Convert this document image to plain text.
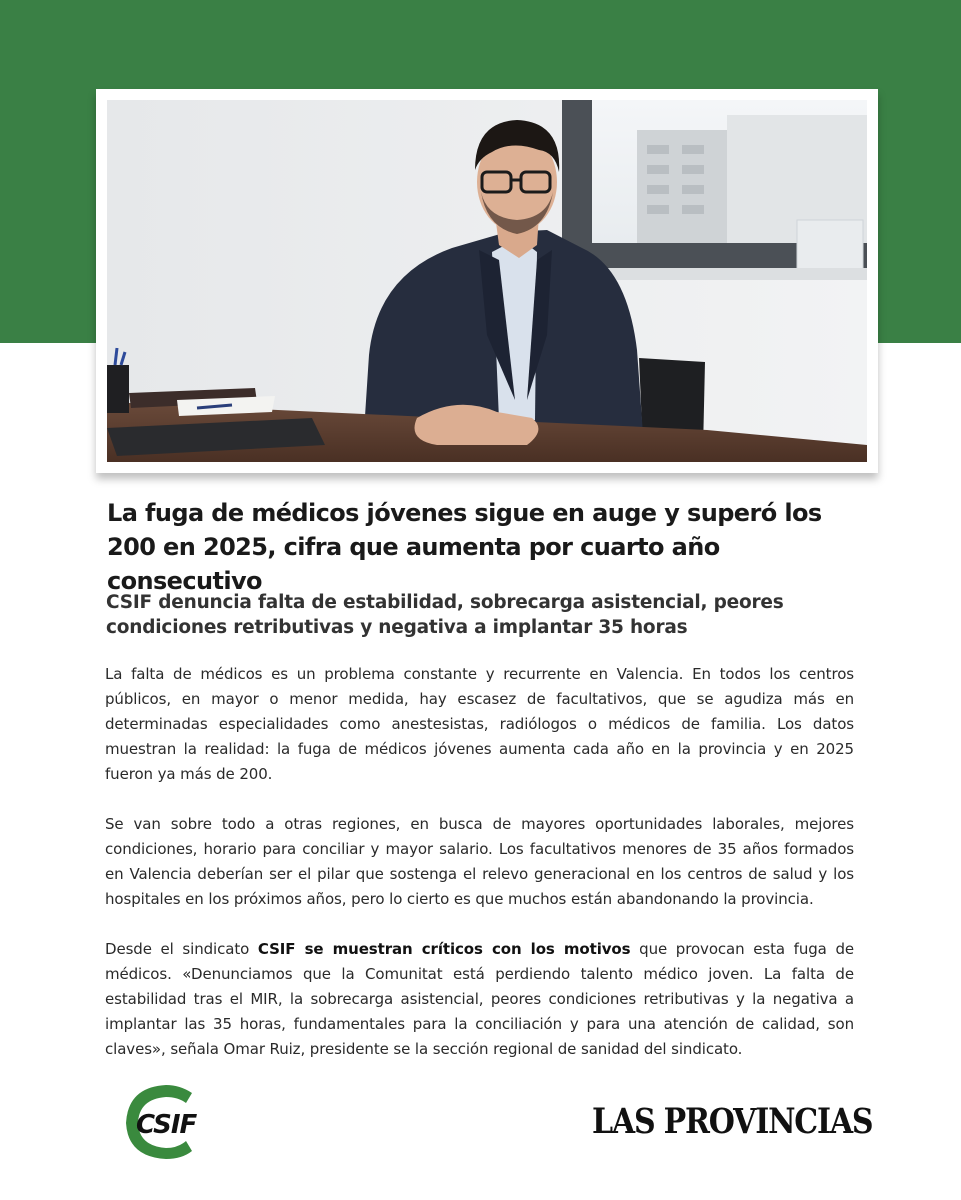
La fuga de médicos jóvenes sigue en auge y superó los 200 en 2025, cifra que aumenta por cuarto año consecutivo
CSIF denuncia falta de estabilidad, sobrecarga asistencial, peores condiciones retributivas y negativa a implantar 35 horas

La falta de médicos es un problema constante y recurrente en Valencia. En todos los centros públicos, en mayor o menor medida, hay escasez de facultativos, que se agudiza más en determinadas especialidades como anestesistas, radiólogos o médicos de familia. Los datos muestran la realidad: la fuga de médicos jóvenes aumenta cada año en la provincia y en 2025 fueron ya más de 200.

Se van sobre todo a otras regiones, en busca de mayores oportunidades laborales, mejores condiciones, horario para conciliar y mayor salario. Los facultativos menores de 35 años formados en Valencia deberían ser el pilar que sostenga el relevo generacional en los centros de salud y los hospitales en los próximos años, pero lo cierto es que muchos están abandonando la provincia.

Desde el sindicato CSIF se muestran críticos con los motivos que provocan esta fuga de médicos. «Denunciamos que la Comunitat está perdiendo talento médico joven. La falta de estabilidad tras el MIR, la sobrecarga asistencial, peores condiciones retributivas y la negativa a implantar las 35 horas, fundamentales para la conciliación y para una atención de calidad, son claves», señala Omar Ruiz, presidente se la sección regional de sanidad del sindicato.

CSIF	LAS PROVINCIAS
